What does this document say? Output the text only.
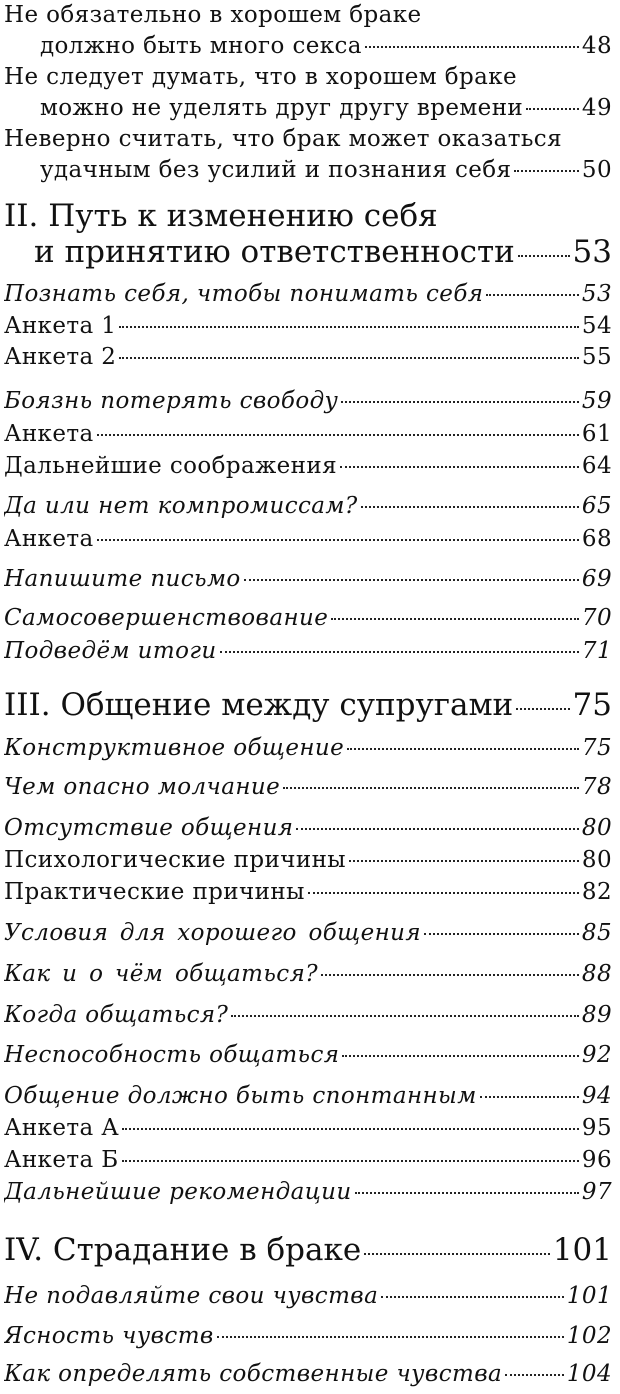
Не обязательно в хорошем браке
должно быть много секса	48
Не следует думать, что в хорошем браке
можно не уделять друг другу времени	49
Неверно считать, что брак может оказаться
удачным без усилий и познания себя	50
II. Путь к изменению себя
и принятию ответственности 53
Познать себя, чтобы понимать себя	53
Анкета 1	54
Анкета 2	55
Боязнь потерять свободу	59
Анкета	61
Дальнейшие соображения	64
Да или нет компромиссам?	65
Анкета	68
Напишите письмо	69
Самосовершенствование	70
Подведём итоги	71
III. Общение между супругами 75
Конструктивное общение	75
Чем опасно молчание	78
Отсутствие общения	80
Психологические причины	80
Практические причины	82
Условия для хорошего общения	85
Как и о чём общаться?	88
Когда общаться?	89
Неспособность общаться	92
Общение должно быть спонтанным	94
Анкета А	95
Анкета Б	96
Дальнейшие рекомендации	97
IV. Страдание в браке	101
Не подавляйте свои чувства	101
Ясность чувств	102
Как определять собственные чувства	104
